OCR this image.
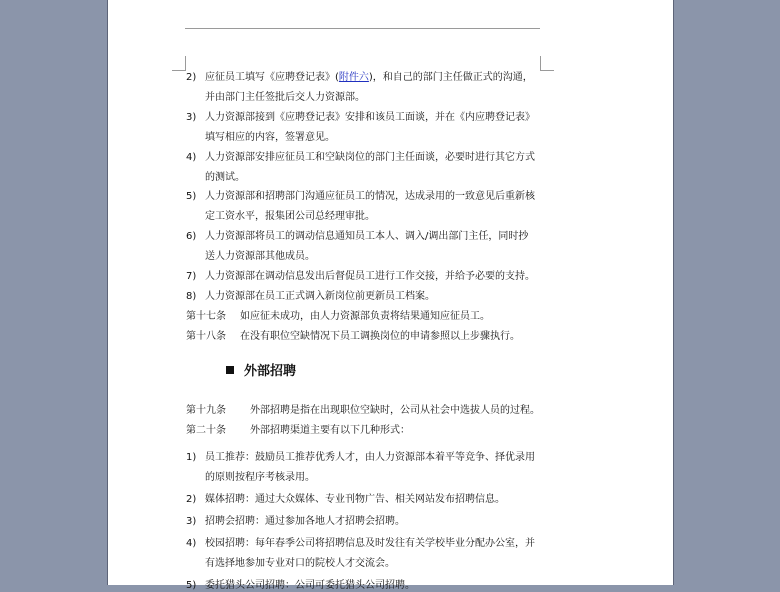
2) 应征员工填写《应聘登记表》(附件六)，和自己的部门主任做正式的沟通，
并由部门主任签批后交人力资源部。
3) 人力资源部接到《应聘登记表》安排和该员工面谈，并在《内应聘登记表》
填写相应的内容，签署意见。
4) 人力资源部安排应征员工和空缺岗位的部门主任面谈，必要时进行其它方式
的测试。
5) 人力资源部和招聘部门沟通应征员工的情况，达成录用的一致意见后重新核
定工资水平，报集团公司总经理审批。
6) 人力资源部将员工的调动信息通知员工本人、调入/调出部门主任，同时抄
送人力资源部其他成员。
7) 人力资源部在调动信息发出后督促员工进行工作交接，并给予必要的支持。
8) 人力资源部在员工正式调入新岗位前更新员工档案。
第十七条 如应征未成功，由人力资源部负责将结果通知应征员工。
第十八条 在没有职位空缺情况下员工调换岗位的申请参照以上步骤执行。
外部招聘
第十九条 外部招聘是指在出现职位空缺时，公司从社会中选拔人员的过程。
第二十条 外部招聘渠道主要有以下几种形式：
1) 员工推荐：鼓励员工推荐优秀人才，由人力资源部本着平等竞争、择优录用
的原则按程序考核录用。
2) 媒体招聘：通过大众媒体、专业刊物广告、相关网站发布招聘信息。
3) 招聘会招聘：通过参加各地人才招聘会招聘。
4) 校园招聘：每年春季公司将招聘信息及时发往有关学校毕业分配办公室，并
有选择地参加专业对口的院校人才交流会。
5) 委托猎头公司招聘：公司可委托猎头公司招聘。
